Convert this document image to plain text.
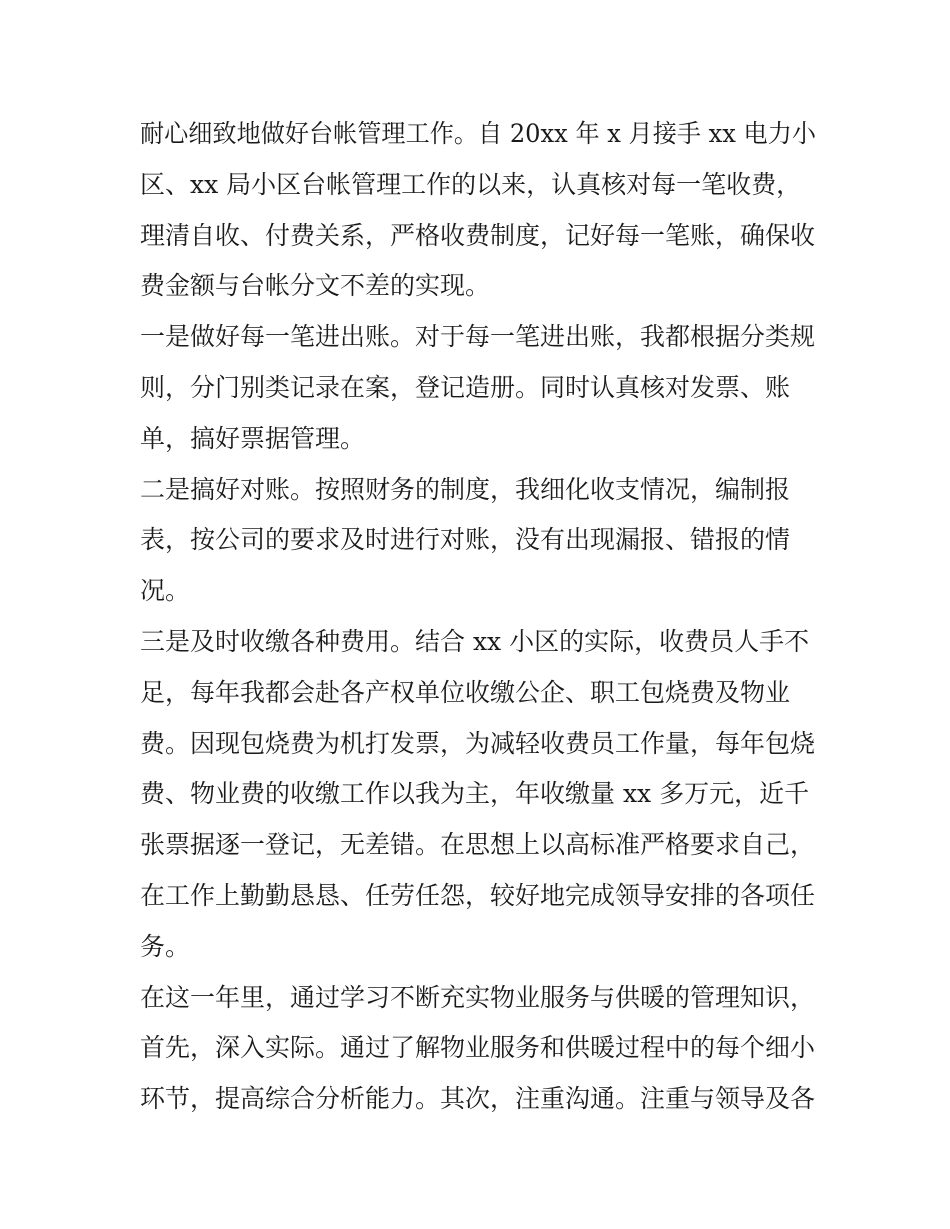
耐心细致地做好台帐管理工作。自 20xx 年 x 月接手 xx 电力小
区、xx 局小区台帐管理工作的以来，认真核对每一笔收费，
理清自收、付费关系，严格收费制度，记好每一笔账，确保收
费金额与台帐分文不差的实现。
一是做好每一笔进出账。对于每一笔进出账，我都根据分类规
则，分门别类记录在案，登记造册。同时认真核对发票、账
单，搞好票据管理。
二是搞好对账。按照财务的制度，我细化收支情况，编制报
表，按公司的要求及时进行对账，没有出现漏报、错报的情
况。
三是及时收缴各种费用。结合 xx 小区的实际，收费员人手不
足，每年我都会赴各产权单位收缴公企、职工包烧费及物业
费。因现包烧费为机打发票，为减轻收费员工作量，每年包烧
费、物业费的收缴工作以我为主，年收缴量 xx 多万元，近千
张票据逐一登记，无差错。在思想上以高标准严格要求自己，
在工作上勤勤恳恳、任劳任怨，较好地完成领导安排的各项任
务。
在这一年里，通过学习不断充实物业服务与供暖的管理知识，
首先，深入实际。通过了解物业服务和供暖过程中的每个细小
环节，提高综合分析能力。其次，注重沟通。注重与领导及各
